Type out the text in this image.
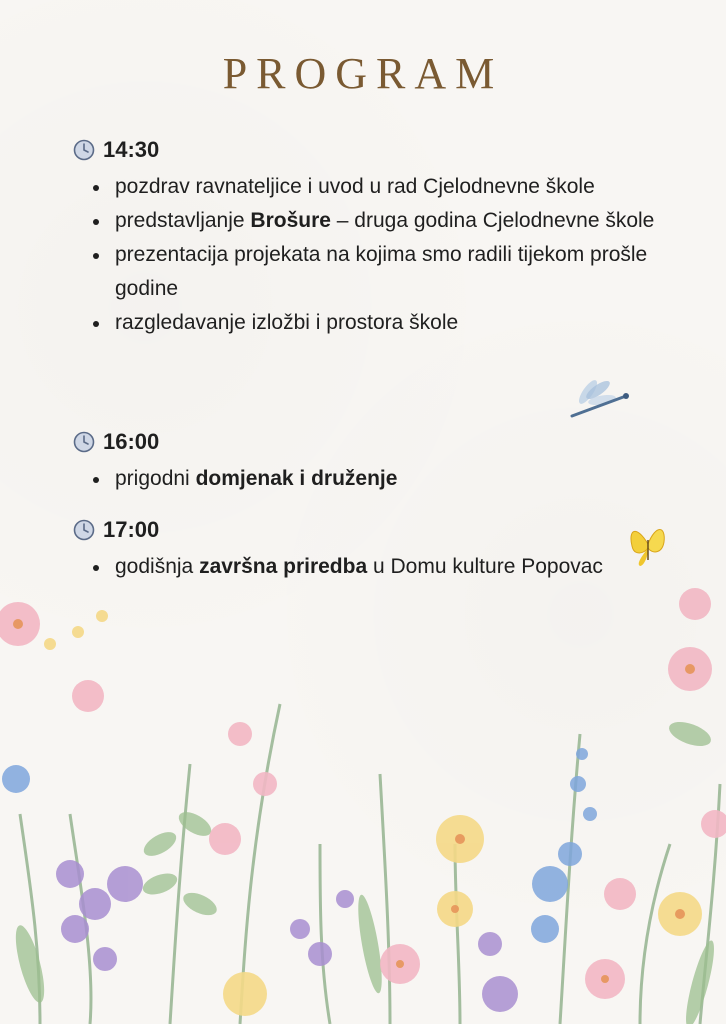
PROGRAM
14:30
pozdrav ravnateljice i uvod u rad Cjelodnevne škole
predstavljanje Brošure – druga godina Cjelodnevne škole
prezentacija projekata na kojima smo radili tijekom prošle godine
razgledavanje izložbi i prostora škole
16:00
prigodni domjenak i druženje
17:00
godišnja završna priredba u Domu kulture Popovac
